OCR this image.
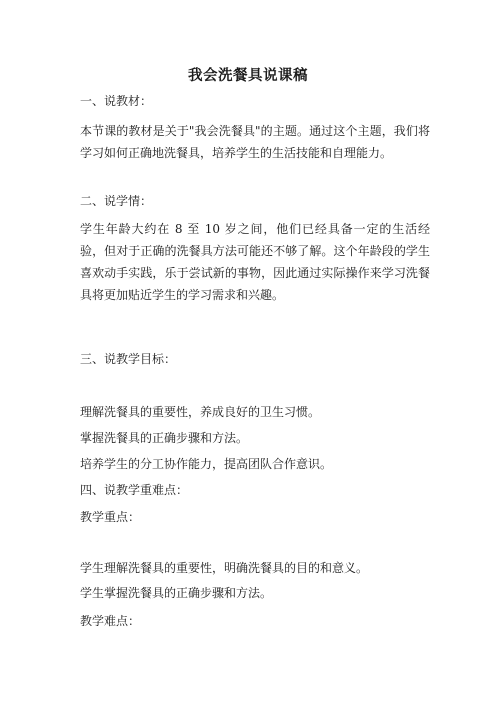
我会洗餐具说课稿
一、说教材：
本节课的教材是关于"我会洗餐具"的主题。通过这个主题，我们将学习如何正确地洗餐具，培养学生的生活技能和自理能力。
二、说学情：
学生年龄大约在 8 至 10 岁之间，他们已经具备一定的生活经验，但对于正确的洗餐具方法可能还不够了解。这个年龄段的学生喜欢动手实践，乐于尝试新的事物，因此通过实际操作来学习洗餐具将更加贴近学生的学习需求和兴趣。
三、说教学目标：
理解洗餐具的重要性，养成良好的卫生习惯。
掌握洗餐具的正确步骤和方法。
培养学生的分工协作能力，提高团队合作意识。
四、说教学重难点：
教学重点：
学生理解洗餐具的重要性，明确洗餐具的目的和意义。
学生掌握洗餐具的正确步骤和方法。
教学难点：
